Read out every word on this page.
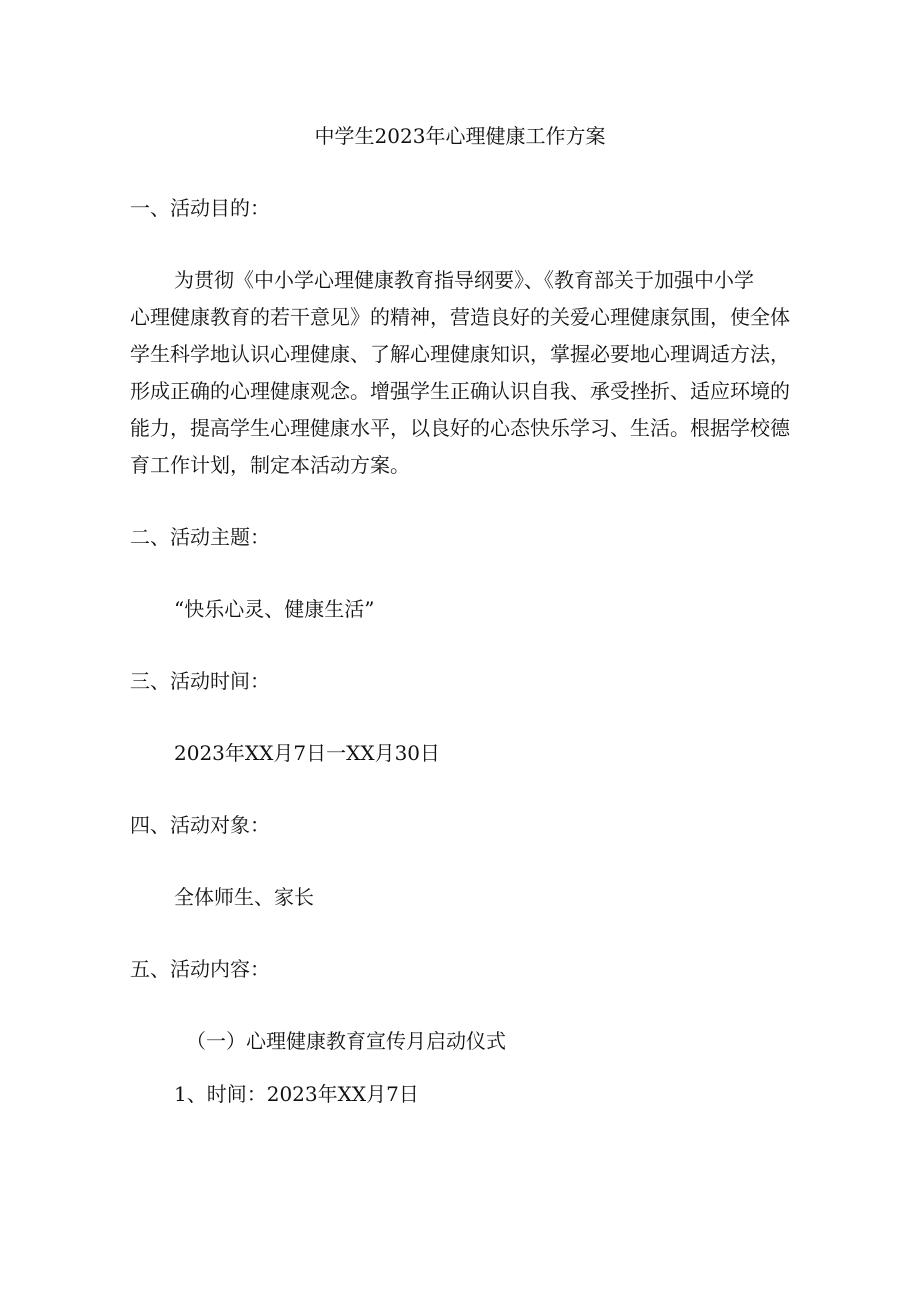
中学生2023年心理健康工作方案
一、活动目的：
为贯彻《中小学心理健康教育指导纲要》、《教育部关于加强中小学
心理健康教育的若干意见》的精神，营造良好的关爱心理健康氛围，使全体
学生科学地认识心理健康、了解心理健康知识，掌握必要地心理调适方法，
形成正确的心理健康观念。增强学生正确认识自我、承受挫折、适应环境的
能力，提高学生心理健康水平，以良好的心态快乐学习、生活。根据学校德
育工作计划，制定本活动方案。
二、活动主题：
“快乐心灵、健康生活”
三、活动时间：
2023年XX月7日一XX月30日
四、活动对象：
全体师生、家长
五、活动内容：
（一）心理健康教育宣传月启动仪式
1、时间：2023年XX月7日
